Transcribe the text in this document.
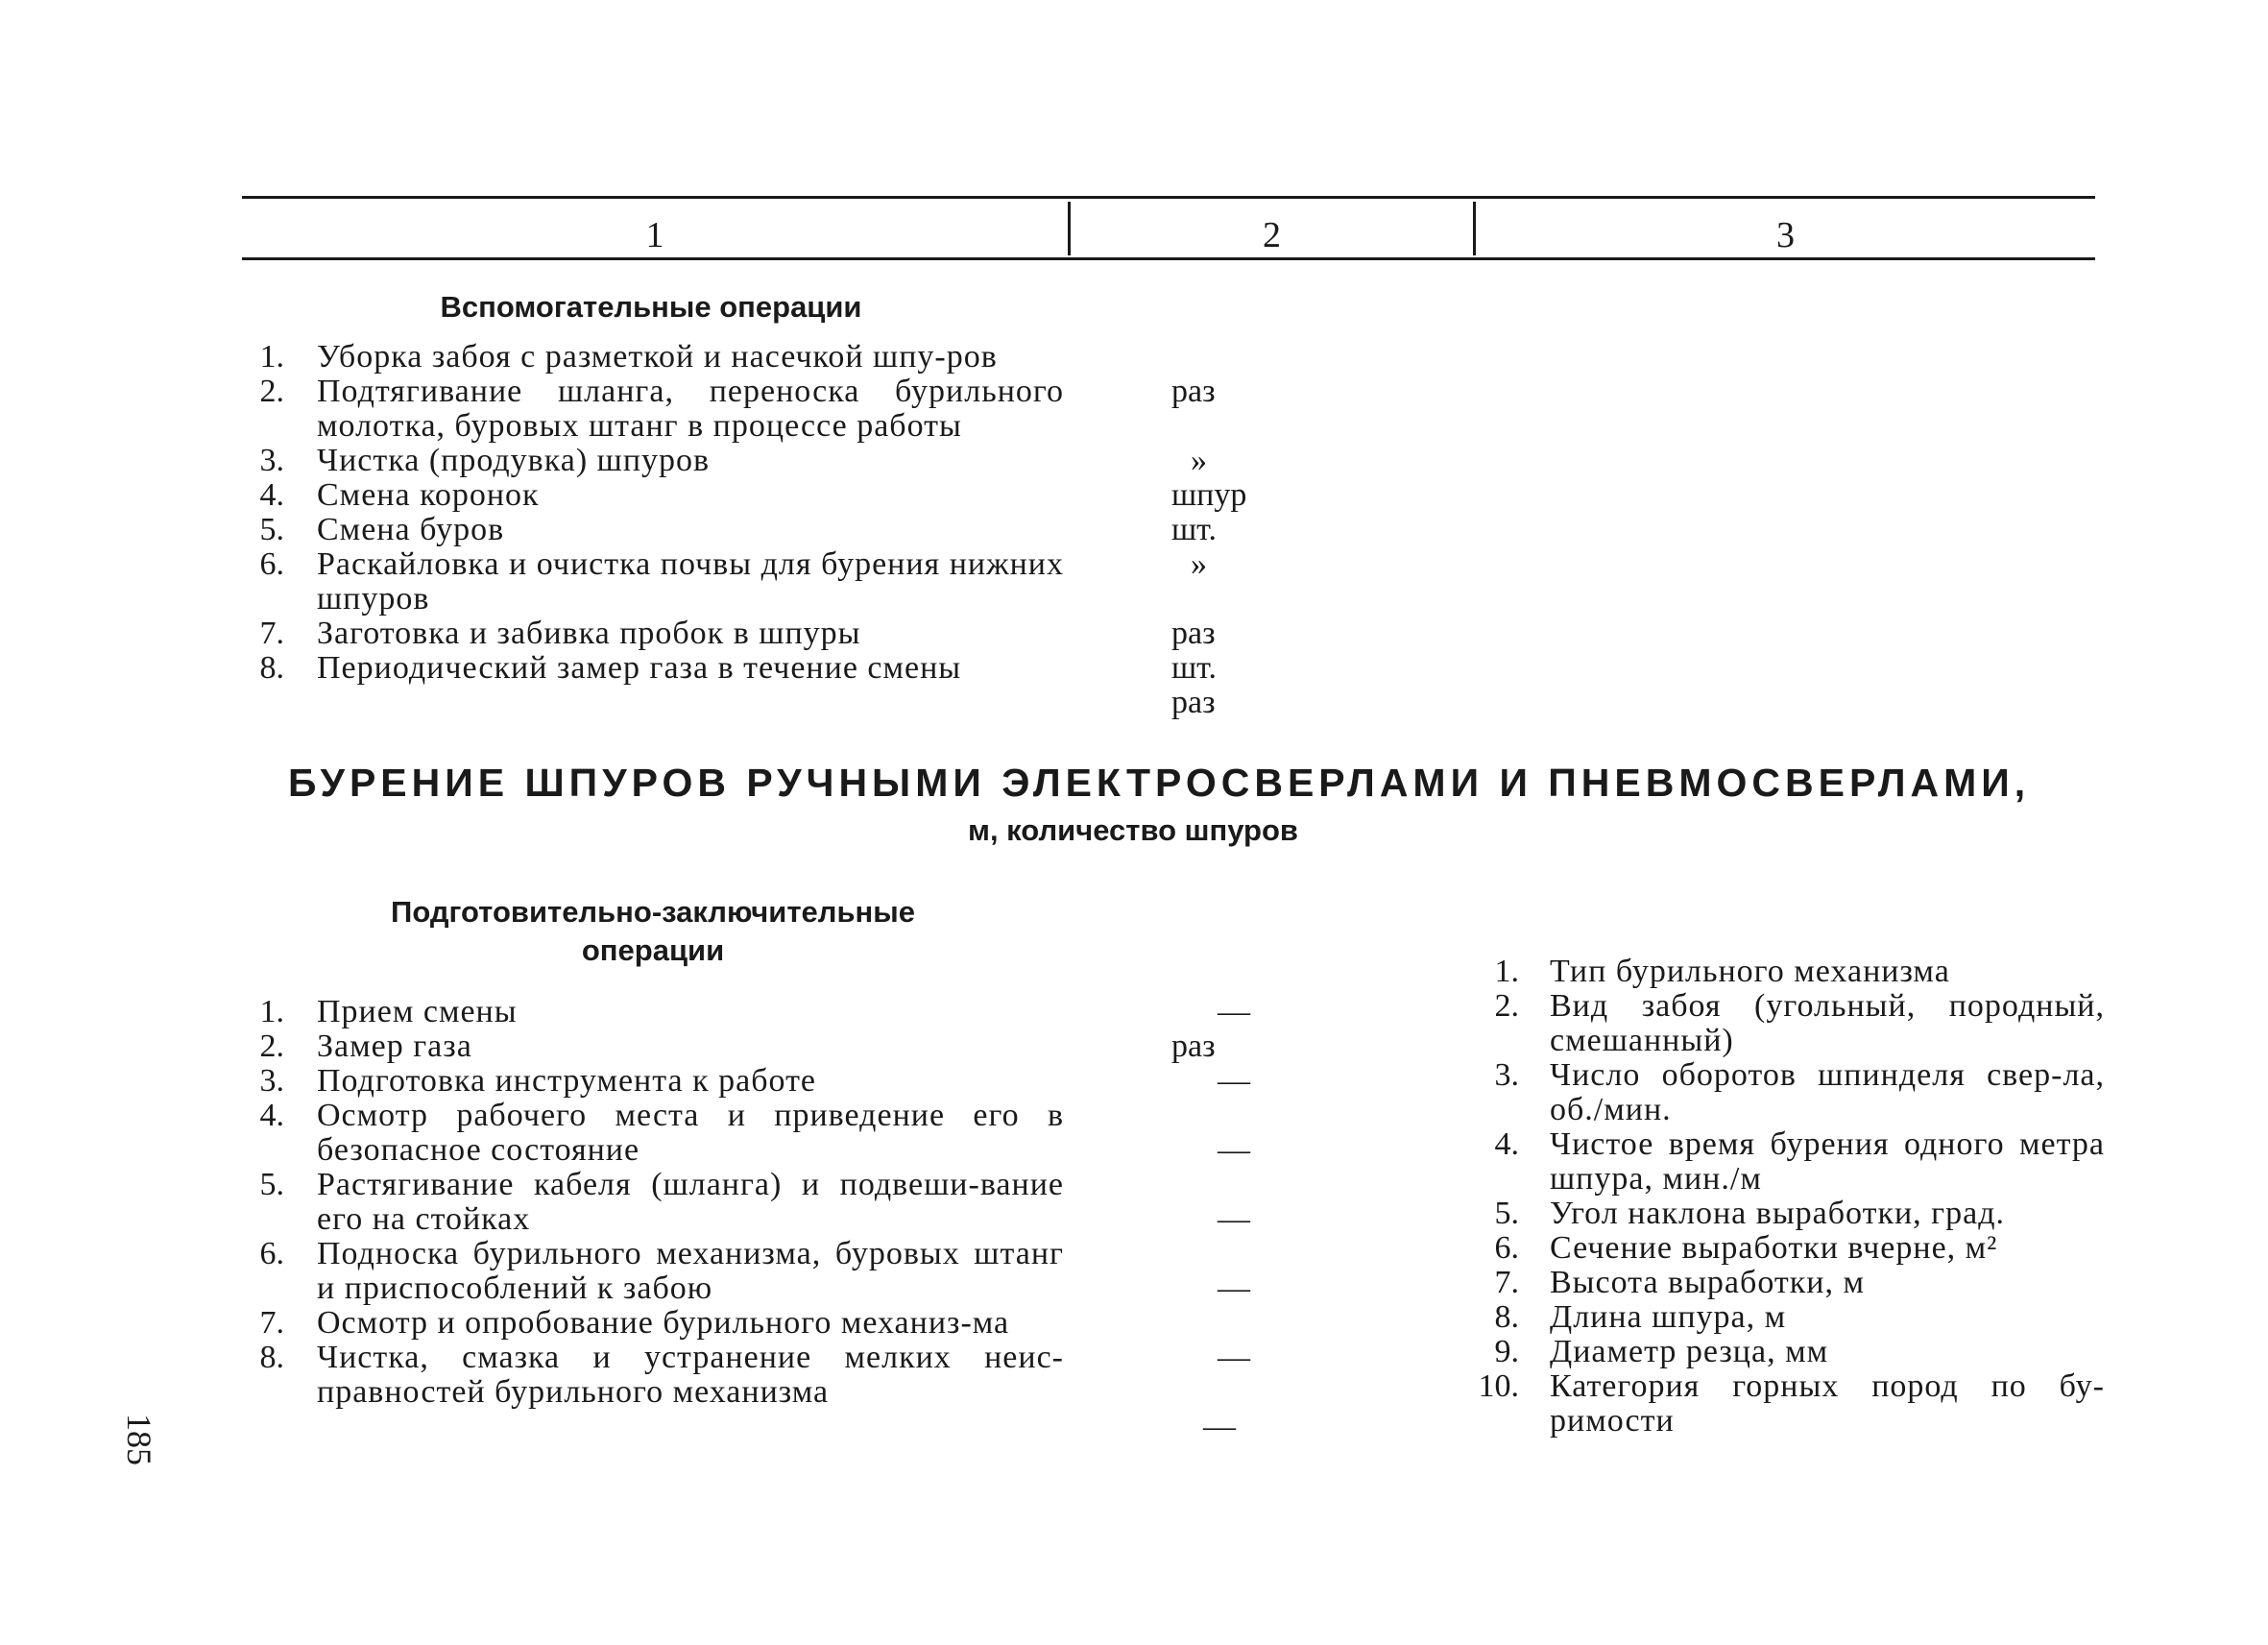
1	2	3
Вспомогательные операции
1. Уборка забоя с разметкой и насечкой шпу-ров
2. Подтягивание шланга, переноска бурильного молотка, буровых штанг в процессе работы
3. Чистка (продувка) шпуров
4. Смена коронок
5. Смена буров
6. Раскайловка и очистка почвы для бурения нижних шпуров
7. Заготовка и забивка пробок в шпуры
8. Периодический замер газа в течение смены
раз
»
шпур
шт.
»
раз
шт.
раз
БУРЕНИЕ ШПУРОВ РУЧНЫМИ ЭЛЕКТРОСВЕРЛАМИ И ПНЕВМОСВЕРЛАМИ,
м, количество шпуров
Подготовительно-заключительные
операции
1. Прием смены
2. Замер газа
3. Подготовка инструмента к работе
4. Осмотр рабочего места и приведение его в безопасное состояние
5. Растягивание кабеля (шланга) и подвеши-вание его на стойках
6. Подноска бурильного механизма, буровых штанг и приспособлений к забою
7. Осмотр и опробование бурильного механиз-ма
8. Чистка, смазка и устранение мелких неис-правностей бурильного механизма
—
раз
—
—
—
—
—
—
1. Тип бурильного механизма
2. Вид забоя (угольный, породный, смешанный)
3. Число оборотов шпинделя свер-ла, об./мин.
4. Чистое время бурения одного метра шпура, мин./м
5. Угол наклона выработки, град.
6. Сечение выработки вчерне, м²
7. Высота выработки, м
8. Длина шпура, м
9. Диаметр резца, мм
10. Категория горных пород по бу-римости
185
